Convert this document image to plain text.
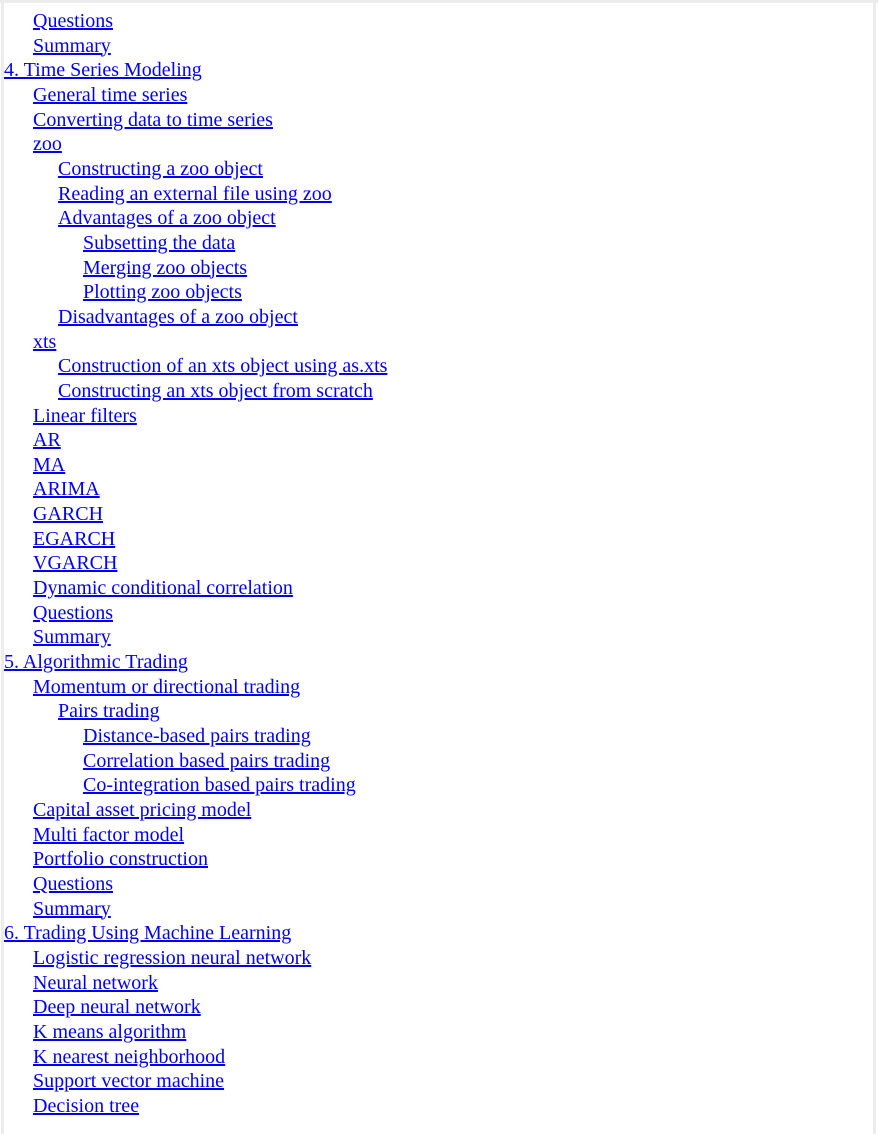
Questions
Summary
4. Time Series Modeling
General time series
Converting data to time series
zoo
Constructing a zoo object
Reading an external file using zoo
Advantages of a zoo object
Subsetting the data
Merging zoo objects
Plotting zoo objects
Disadvantages of a zoo object
xts
Construction of an xts object using as.xts
Constructing an xts object from scratch
Linear filters
AR
MA
ARIMA
GARCH
EGARCH
VGARCH
Dynamic conditional correlation
Questions
Summary
5. Algorithmic Trading
Momentum or directional trading
Pairs trading
Distance-based pairs trading
Correlation based pairs trading
Co-integration based pairs trading
Capital asset pricing model
Multi factor model
Portfolio construction
Questions
Summary
6. Trading Using Machine Learning
Logistic regression neural network
Neural network
Deep neural network
K means algorithm
K nearest neighborhood
Support vector machine
Decision tree
